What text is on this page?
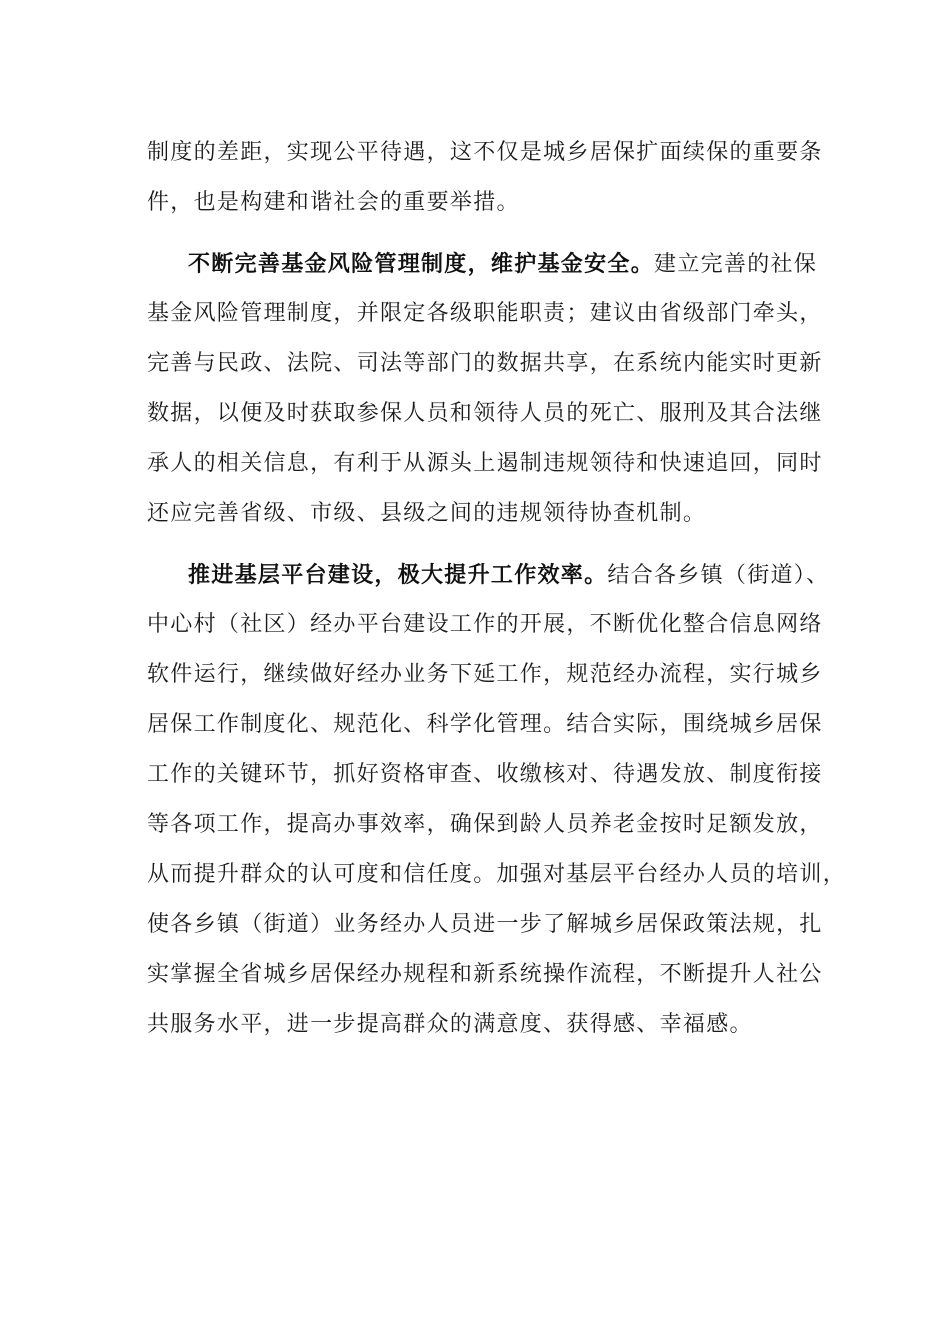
制度的差距，实现公平待遇，这不仅是城乡居保扩面续保的重要条
件，也是构建和谐社会的重要举措。
不断完善基金风险管理制度，维护基金安全。建立完善的社保
基金风险管理制度，并限定各级职能职责；建议由省级部门牵头，
完善与民政、法院、司法等部门的数据共享，在系统内能实时更新
数据，以便及时获取参保人员和领待人员的死亡、服刑及其合法继
承人的相关信息，有利于从源头上遏制违规领待和快速追回，同时
还应完善省级、市级、县级之间的违规领待协查机制。
推进基层平台建设，极大提升工作效率。结合各乡镇（街道）、
中心村（社区）经办平台建设工作的开展，不断优化整合信息网络
软件运行，继续做好经办业务下延工作，规范经办流程，实行城乡
居保工作制度化、规范化、科学化管理。结合实际，围绕城乡居保
工作的关键环节，抓好资格审查、收缴核对、待遇发放、制度衔接
等各项工作，提高办事效率，确保到龄人员养老金按时足额发放，
从而提升群众的认可度和信任度。加强对基层平台经办人员的培训，
使各乡镇（街道）业务经办人员进一步了解城乡居保政策法规，扎
实掌握全省城乡居保经办规程和新系统操作流程，不断提升人社公
共服务水平，进一步提高群众的满意度、获得感、幸福感。
